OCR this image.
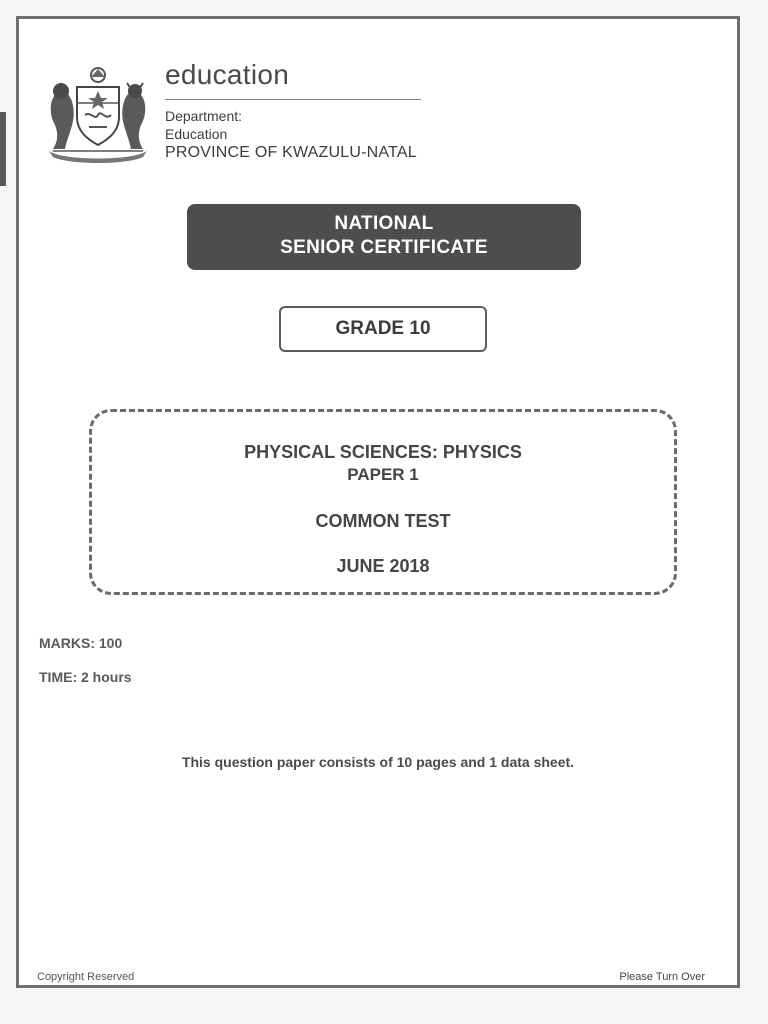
education
Department:
Education
PROVINCE OF KWAZULU-NATAL
NATIONAL
SENIOR CERTIFICATE
GRADE 10
PHYSICAL SCIENCES: PHYSICS
PAPER 1
COMMON TEST
JUNE 2018
MARKS: 100
TIME: 2 hours
This question paper consists of 10 pages and 1 data sheet.
Copyright Reserved	Please Turn Over
